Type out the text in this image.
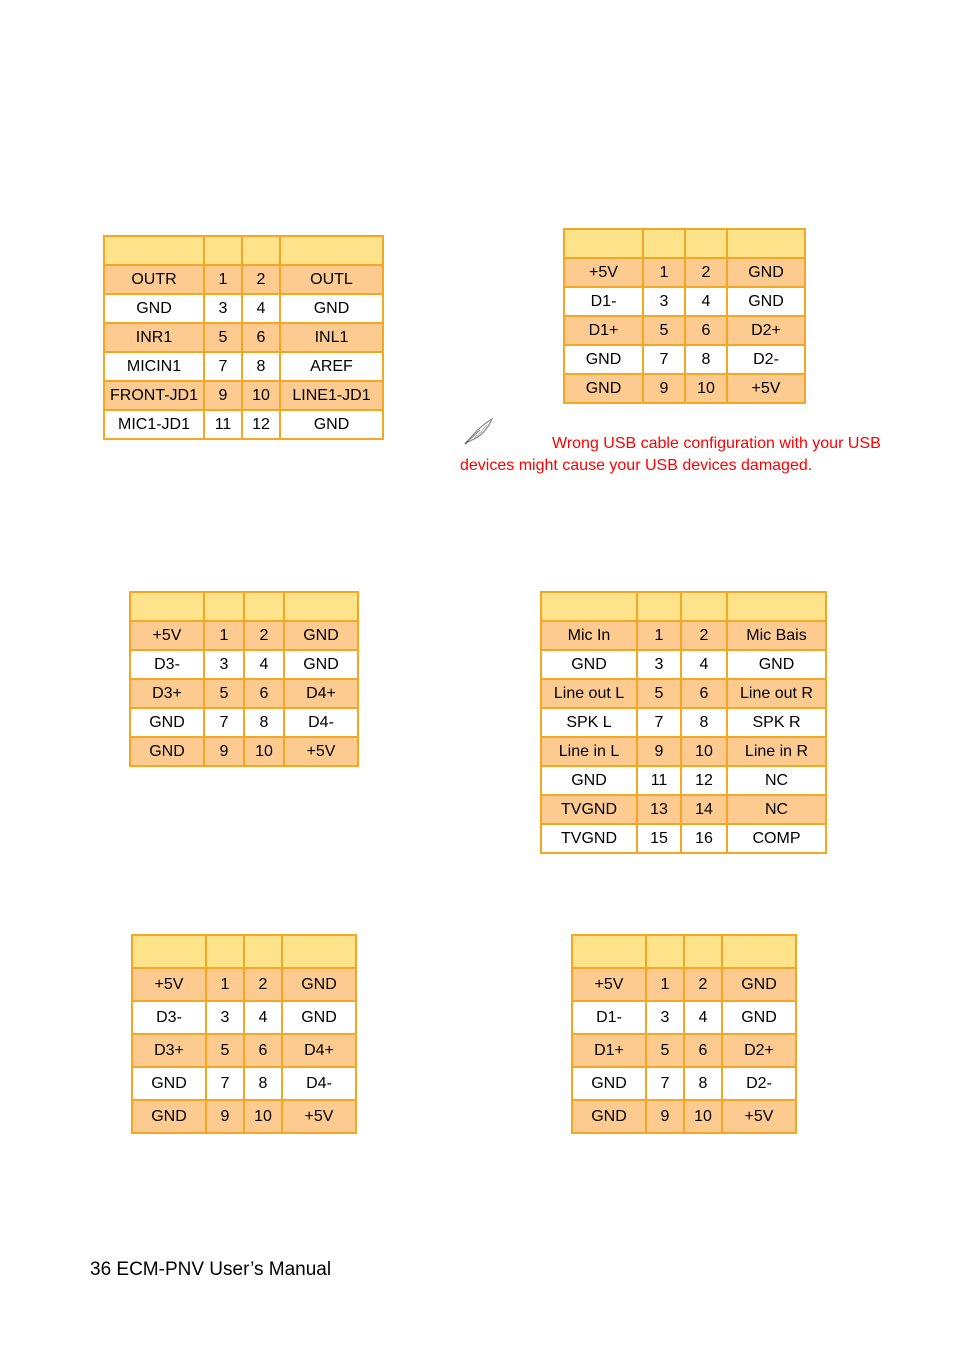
OUTR	1	2	OUTL
GND	3	4	GND
INR1	5	6	INL1
MICIN1	7	8	AREF
FRONT-JD1	9	10	LINE1-JD1
MIC1-JD1	11	12	GND

+5V	1	2	GND
D1-	3	4	GND
D1+	5	6	D2+
GND	7	8	D2-
GND	9	10	+5V

+5V	1	2	GND
D3-	3	4	GND
D3+	5	6	D4+
GND	7	8	D4-
GND	9	10	+5V

Mic In	1	2	Mic Bais
GND	3	4	GND
Line out L	5	6	Line out R
SPK L	7	8	SPK R
Line in L	9	10	Line in R
GND	11	12	NC
TVGND	13	14	NC
TVGND	15	16	COMP

+5V	1	2	GND
D3-	3	4	GND
D3+	5	6	D4+
GND	7	8	D4-
GND	9	10	+5V

+5V	1	2	GND
D1-	3	4	GND
D1+	5	6	D2+
GND	7	8	D2-
GND	9	10	+5V
Wrong USB cable configuration with your USB
devices might cause your USB devices damaged.
36 ECM-PNV User’s Manual
